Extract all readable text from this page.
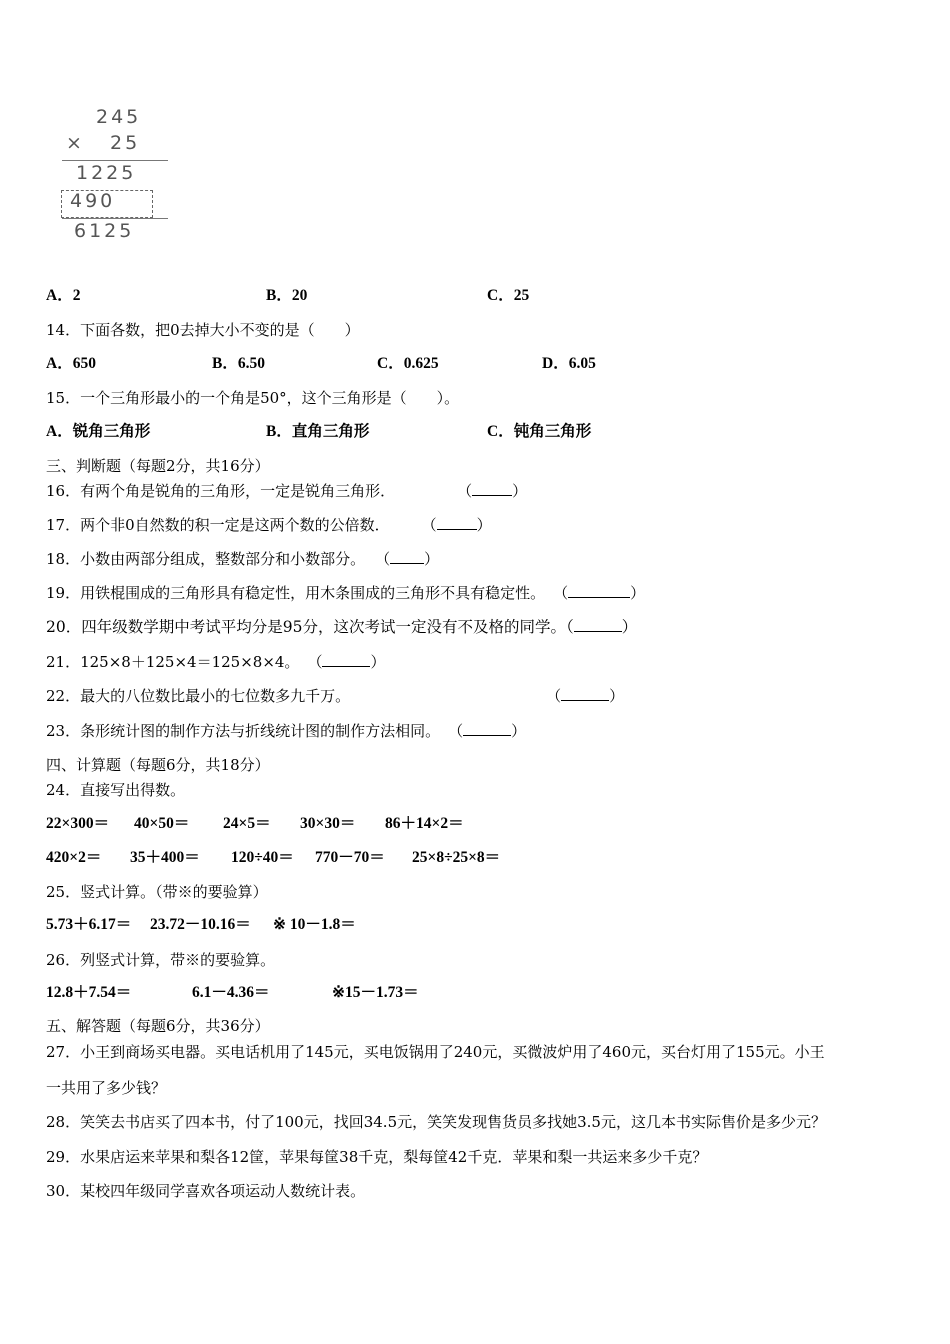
245
× 25
1225
490
6125
A．2	B．20	C．25
14．下面各数，把0去掉大小不变的是（　　）
A．650	B．6.50	C．0.625	D．6.05
15．一个三角形最小的一个角是50°，这个三角形是（　　）。
A．锐角三角形	B．直角三角形	C．钝角三角形
三、判断题（每题2分，共16分）
16．有两个角是锐角的三角形，一定是锐角三角形．	（	）
17．两个非0自然数的积一定是这两个数的公倍数． （	）
18．小数由两部分组成，整数部分和小数部分。 （ ）
19．用铁棍围成的三角形具有稳定性，用木条围成的三角形不具有稳定性。 （	）
20．四年级数学期中考试平均分是95分，这次考试一定没有不及格的同学。（	）
21．125×8＋125×4＝125×8×4。 （	）
22．最大的八位数比最小的七位数多九千万。	（	）
23．条形统计图的制作方法与折线统计图的制作方法相同。 （	）
四、计算题（每题6分，共18分）
24．直接写出得数。
22×300＝ 40×50＝ 24×5＝ 30×30＝ 86＋14×2＝
420×2＝ 35＋400＝ 120÷40＝ 770－70＝ 25×8÷25×8＝
25．竖式计算。（带※的要验算）
5.73＋6.17＝ 23.72－10.16＝ ※ 10－1.8＝
26．列竖式计算，带※的要验算。
12.8＋7.54＝	6.1－4.36＝	※15－1.73＝
五、解答题（每题6分，共36分）
27．小王到商场买电器。买电话机用了145元，买电饭锅用了240元，买微波炉用了460元，买台灯用了155元。小王
一共用了多少钱？
28．笑笑去书店买了四本书，付了100元，找回34.5元，笑笑发现售货员多找她3.5元，这几本书实际售价是多少元？
29．水果店运来苹果和梨各12筐，苹果每筐38千克，梨每筐42千克．苹果和梨一共运来多少千克？
30．某校四年级同学喜欢各项运动人数统计表。
